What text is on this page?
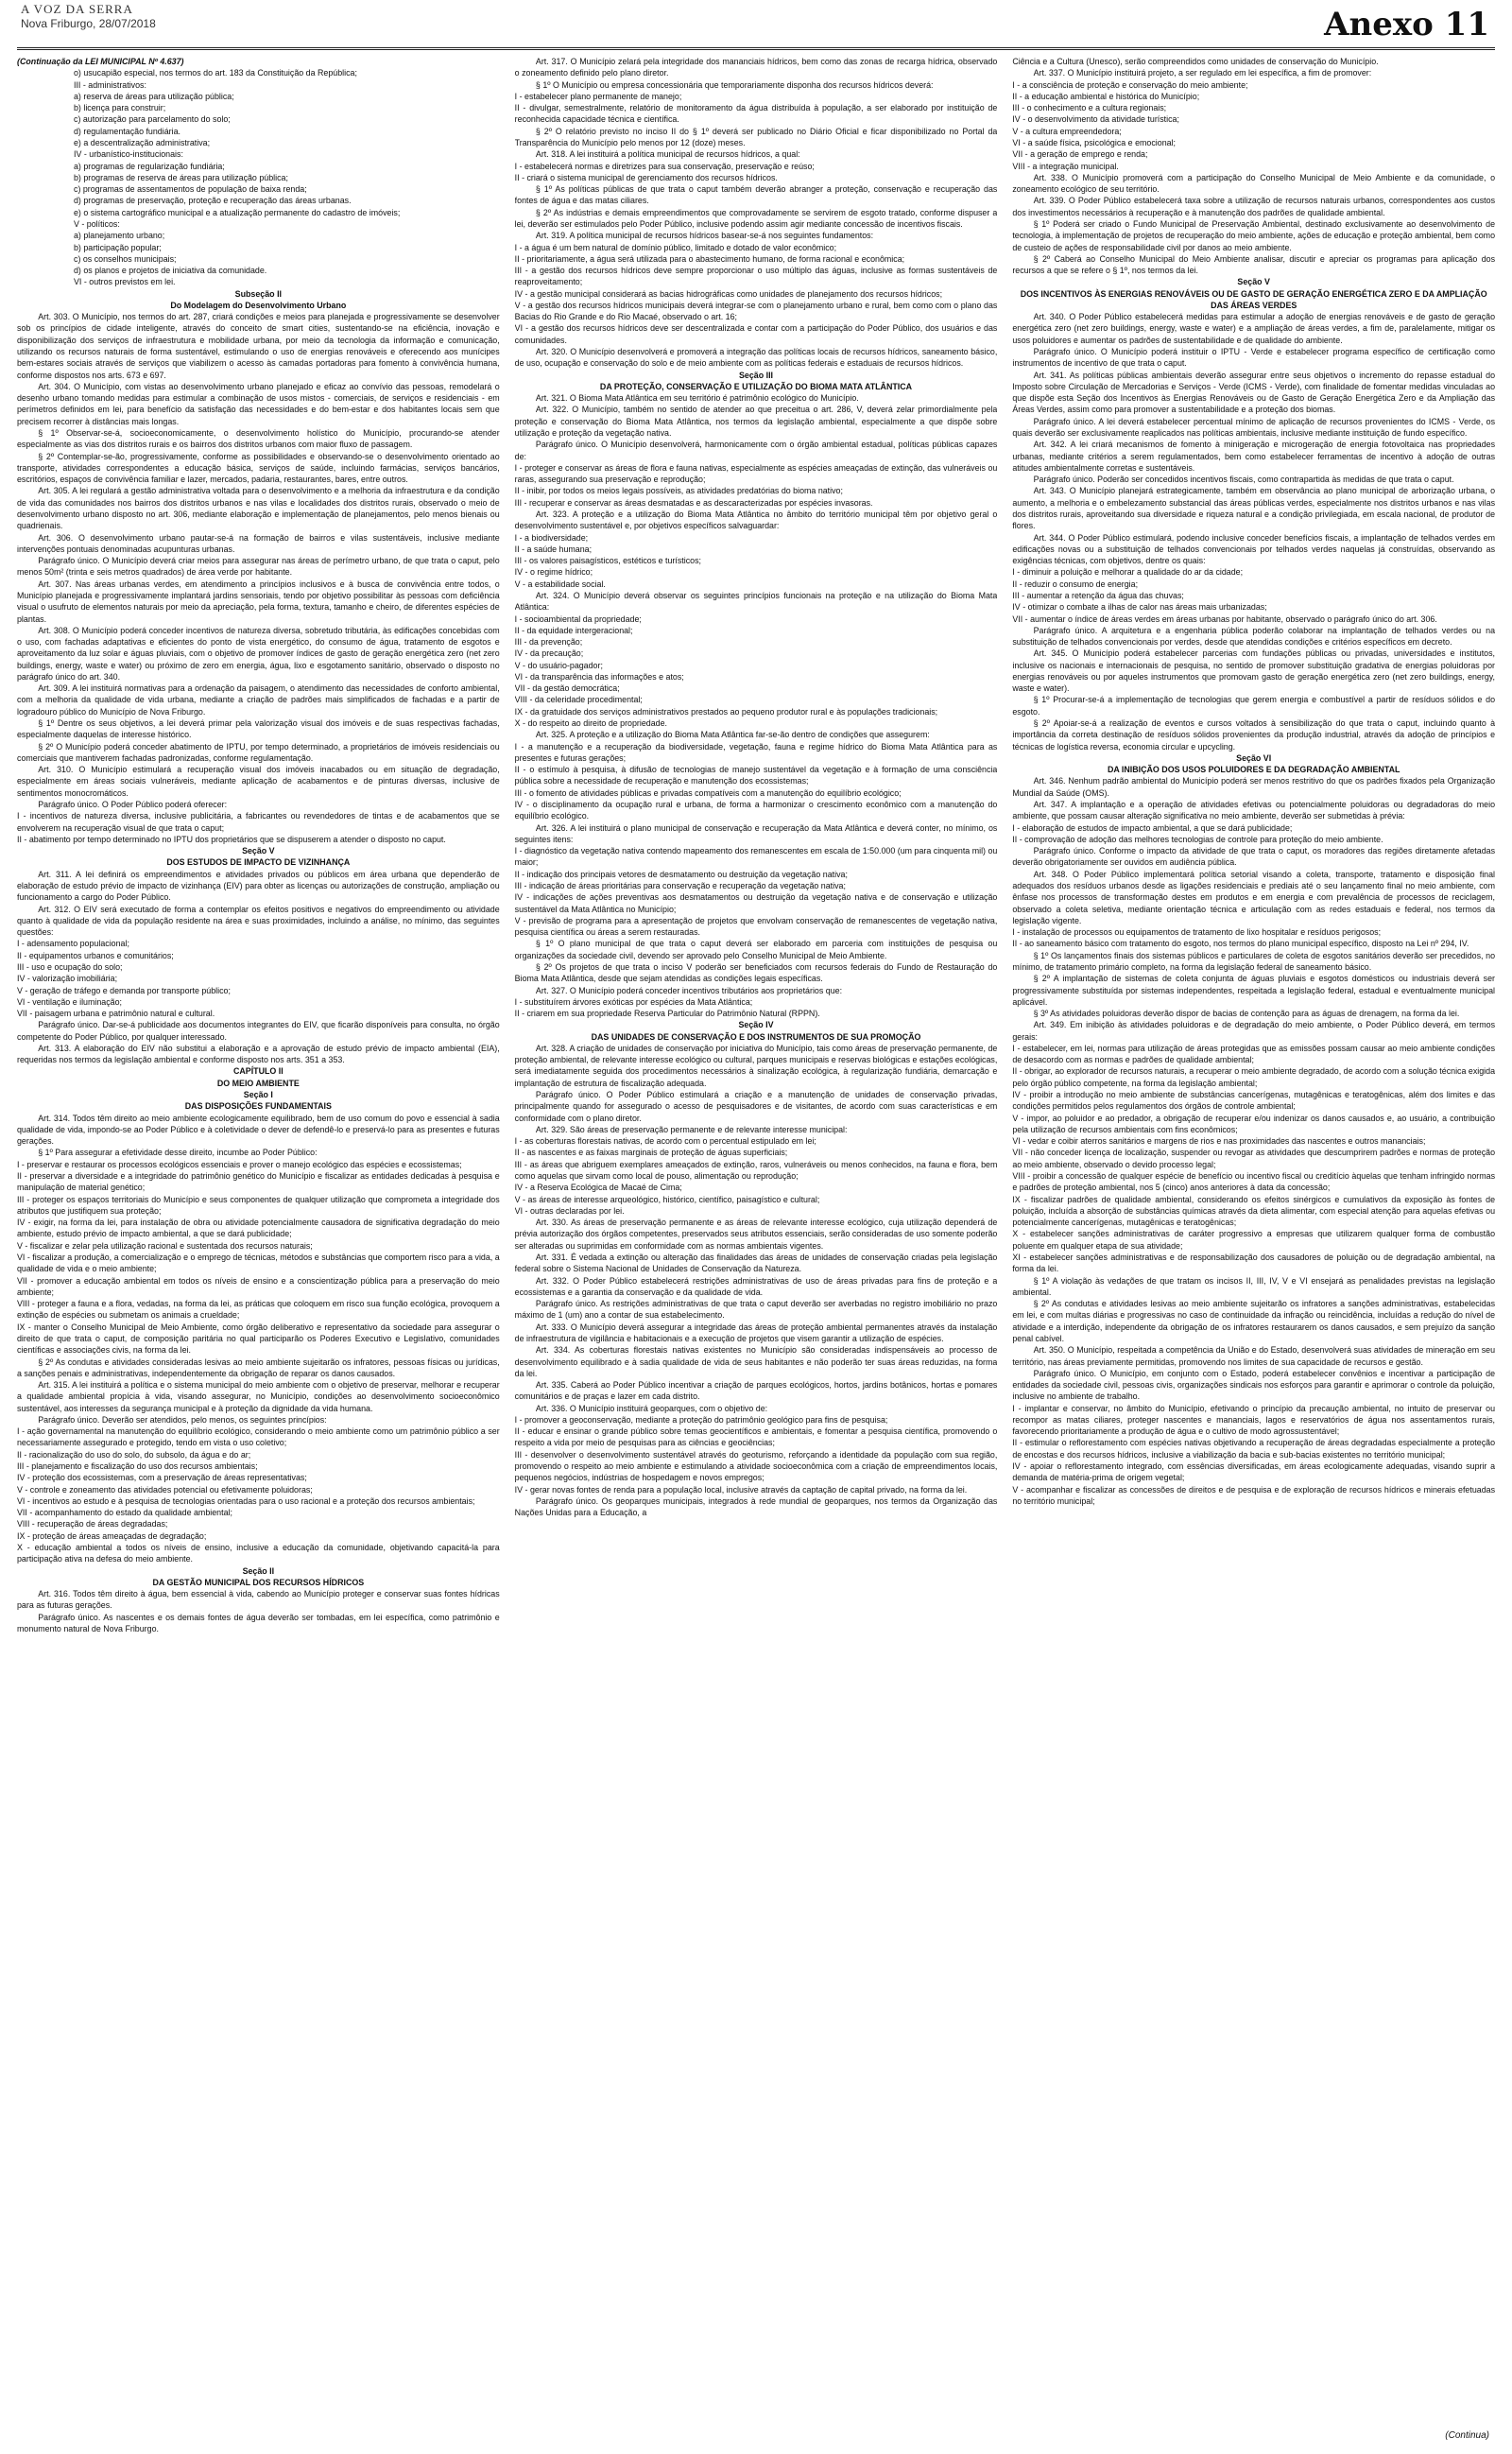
A VOZ DA SERRA
Nova Friburgo, 28/07/2018	Anexo 11

(Continuação da LEI MUNICIPAL Nº 4.637)

o) usucapião especial, nos termos do art. 183 da Constituição da República;

III - administrativos:

a) reserva de áreas para utilização pública;

b) licença para construir;

c) autorização para parcelamento do solo;

d) regulamentação fundiária.

e) a descentralização administrativa;

IV - urbanístico-institucionais:

a) programas de regularização fundiária;

b) programas de reserva de áreas para utilização pública;

c) programas de assentamentos de população de baixa renda;

d) programas de preservação, proteção e recuperação das áreas urbanas.

e) o sistema cartográfico municipal e a atualização permanente do cadastro de imóveis;

V - políticos:

a) planejamento urbano;

b) participação popular;

c) os conselhos municipais;

d) os planos e projetos de iniciativa da comunidade.

VI - outros previstos em lei.

Subseção II

Do Modelagem do Desenvolvimento Urbano

Art. 303. O Município, nos termos do art. 287, criará condições e meios para planejada e progressivamente se desenvolver sob os princípios de cidade inteligente, através do conceito de smart cities, sustentando-se na eficiência, inovação e disponibilização dos serviços de infraestrutura e mobilidade urbana, por meio da tecnologia da informação e comunicação, utilizando os recursos naturais de forma sustentável, estimulando o uso de energias renováveis e oferecendo aos munícipes bem-estares sociais através de serviços que viabilizem o acesso às camadas portadoras para fomento à convivência humana, conforme dispostos nos arts. 673 e 697.

Art. 304. O Município, com vistas ao desenvolvimento urbano planejado e eficaz ao convívio das pessoas, remodelará o desenho urbano tomando medidas para estimular a combinação de usos mistos - comerciais, de serviços e residenciais - em perímetros definidos em lei, para benefício da satisfação das necessidades e do bem-estar e dos habitantes locais sem que precisem recorrer à distâncias mais longas.

§ 1º Observar-se-á, socioeconomicamente, o desenvolvimento holístico do Município, procurando-se atender especialmente as vias dos distritos rurais e os bairros dos distritos urbanos com maior fluxo de passagem.

§ 2º Contemplar-se-ão, progressivamente, conforme as possibilidades e observando-se o desenvolvimento orientado ao transporte, atividades correspondentes a educação básica, serviços de saúde, incluindo farmácias, serviços bancários, escritórios, espaços de convivência familiar e lazer, mercados, padaria, restaurantes, bares, entre outros.

Art. 305. A lei regulará a gestão administrativa voltada para o desenvolvimento e a melhoria da infraestrutura e da condição de vida das comunidades nos bairros dos distritos urbanos e nas vilas e localidades dos distritos rurais, observado o meio de desenvolvimento urbano disposto no art. 306, mediante elaboração e implementação de planejamentos, pelo menos bienais ou quadrienais.

Art. 306. O desenvolvimento urbano pautar-se-á na formação de bairros e vilas sustentáveis, inclusive mediante intervenções pontuais denominadas acupunturas urbanas.

Parágrafo único. O Município deverá criar meios para assegurar nas áreas de perímetro urbano, de que trata o caput, pelo menos 50m² (trinta e seis metros quadrados) de área verde por habitante.

Art. 307. Nas áreas urbanas verdes, em atendimento a princípios inclusivos e à busca de convivência entre todos, o Município planejada e progressivamente implantará jardins sensoriais, tendo por objetivo possibilitar às pessoas com deficiência visual o usufruto de elementos naturais por meio da apreciação, pela forma, textura, tamanho e cheiro, de diferentes espécies de plantas.

Art. 308. O Município poderá conceder incentivos de natureza diversa, sobretudo tributária, às edificações concebidas com o uso, com fachadas adaptativas e eficientes do ponto de vista energético, do consumo de água, tratamento de esgotos e aproveitamento da luz solar e águas pluviais, com o objetivo de promover índices de gasto de geração energética zero (net zero buildings, energy, waste e water) ou próximo de zero em energia, água, lixo e esgotamento sanitário, observado o disposto no parágrafo único do art. 340.

Art. 309. A lei instituirá normativas para a ordenação da paisagem, o atendimento das necessidades de conforto ambiental, com a melhoria da qualidade de vida urbana, mediante a criação de padrões mais simplificados de fachadas e a partir de logradouro público do Município de Nova Friburgo.

§ 1º Dentre os seus objetivos, a lei deverá primar pela valorização visual dos imóveis e de suas respectivas fachadas, especialmente daquelas de interesse histórico.

§ 2º O Município poderá conceder abatimento de IPTU, por tempo determinado, a proprietários de imóveis residenciais ou comerciais que mantiverem fachadas padronizadas, conforme regulamentação.

Art. 310. O Município estimulará a recuperação visual dos imóveis inacabados ou em situação de degradação, especialmente em áreas sociais vulneráveis, mediante aplicação de acabamentos e de pinturas diversas, inclusive de sentimentos monocromáticos.

Parágrafo único. O Poder Público poderá oferecer:

I - incentivos de natureza diversa, inclusive publicitária, a fabricantes ou revendedores de tintas e de acabamentos que se envolverem na recuperação visual de que trata o caput;

II - abatimento por tempo determinado no IPTU dos proprietários que se dispuserem a atender o disposto no caput.

Seção V

DOS ESTUDOS DE IMPACTO DE VIZINHANÇA

Art. 311. A lei definirá os empreendimentos e atividades privados ou públicos em área urbana que dependerão de elaboração de estudo prévio de impacto de vizinhança (EIV) para obter as licenças ou autorizações de construção, ampliação ou funcionamento a cargo do Poder Público.

Art. 312. O EIV será executado de forma a contemplar os efeitos positivos e negativos do empreendimento ou atividade quanto à qualidade de vida da população residente na área e suas proximidades, incluindo a análise, no mínimo, das seguintes questões:

I - adensamento populacional;

II - equipamentos urbanos e comunitários;

III - uso e ocupação do solo;

IV - valorização imobiliária;

V - geração de tráfego e demanda por transporte público;

VI - ventilação e iluminação;

VII - paisagem urbana e patrimônio natural e cultural.

Parágrafo único. Dar-se-á publicidade aos documentos integrantes do EIV, que ficarão disponíveis para consulta, no órgão competente do Poder Público, por qualquer interessado.

Art. 313. A elaboração do EIV não substitui a elaboração e a aprovação de estudo prévio de impacto ambiental (EIA), requeridas nos termos da legislação ambiental e conforme disposto nos arts. 351 a 353.

CAPÍTULO II

DO MEIO AMBIENTE

Seção I

DAS DISPOSIÇÕES FUNDAMENTAIS

Art. 314. Todos têm direito ao meio ambiente ecologicamente equilibrado, bem de uso comum do povo e essencial à sadia qualidade de vida, impondo-se ao Poder Público e à coletividade o dever de defendê-lo e preservá-lo para as presentes e futuras gerações.

§ 1º Para assegurar a efetividade desse direito, incumbe ao Poder Público:

I - preservar e restaurar os processos ecológicos essenciais e prover o manejo ecológico das espécies e ecossistemas;

II - preservar a diversidade e a integridade do patrimônio genético do Município e fiscalizar as entidades dedicadas à pesquisa e manipulação de material genético;

III - proteger os espaços territoriais do Município e seus componentes de qualquer utilização que comprometa a integridade dos atributos que justifiquem sua proteção;

IV - exigir, na forma da lei, para instalação de obra ou atividade potencialmente causadora de significativa degradação do meio ambiente, estudo prévio de impacto ambiental, a que se dará publicidade;

V - fiscalizar e zelar pela utilização racional e sustentada dos recursos naturais;

VI - fiscalizar a produção, a comercialização e o emprego de técnicas, métodos e substâncias que comportem risco para a vida, a qualidade de vida e o meio ambiente;

VII - promover a educação ambiental em todos os níveis de ensino e a conscientização pública para a preservação do meio ambiente;

VIII - proteger a fauna e a flora, vedadas, na forma da lei, as práticas que coloquem em risco sua função ecológica, provoquem a extinção de espécies ou submetam os animais a crueldade;

IX - manter o Conselho Municipal de Meio Ambiente, como órgão deliberativo e representativo da sociedade para assegurar o direito de que trata o caput, de composição paritária no qual participarão os Poderes Executivo e Legislativo, comunidades científicas e associações civis, na forma da lei.

§ 2º As condutas e atividades consideradas lesivas ao meio ambiente sujeitarão os infratores, pessoas físicas ou jurídicas, a sanções penais e administrativas, independentemente da obrigação de reparar os danos causados.

Art. 315. A lei instituirá a política e o sistema municipal do meio ambiente com o objetivo de preservar, melhorar e recuperar a qualidade ambiental propícia à vida, visando assegurar, no Município, condições ao desenvolvimento socioeconômico sustentável, aos interesses da segurança municipal e à proteção da dignidade da vida humana.

Parágrafo único. Deverão ser atendidos, pelo menos, os seguintes princípios:

I - ação governamental na manutenção do equilíbrio ecológico, considerando o meio ambiente como um patrimônio público a ser necessariamente assegurado e protegido, tendo em vista o uso coletivo;

II - racionalização do uso do solo, do subsolo, da água e do ar;

III - planejamento e fiscalização do uso dos recursos ambientais;

IV - proteção dos ecossistemas, com a preservação de áreas representativas;

V - controle e zoneamento das atividades potencial ou efetivamente poluidoras;

VI - incentivos ao estudo e à pesquisa de tecnologias orientadas para o uso racional e a proteção dos recursos ambientais;

VII - acompanhamento do estado da qualidade ambiental;

VIII - recuperação de áreas degradadas;

IX - proteção de áreas ameaçadas de degradação;

X - educação ambiental a todos os níveis de ensino, inclusive a educação da comunidade, objetivando capacitá-la para participação ativa na defesa do meio ambiente.

Seção II

DA GESTÃO MUNICIPAL DOS RECURSOS HÍDRICOS

Art. 316. Todos têm direito à água, bem essencial à vida, cabendo ao Município proteger e conservar suas fontes hídricas para as futuras gerações.

Parágrafo único. As nascentes e os demais fontes de água deverão ser tombadas, em lei específica, como patrimônio e monumento natural de Nova Friburgo.

Art. 317. O Município zelará pela integridade dos mananciais hídricos, bem como das zonas de recarga hídrica, observado o zoneamento definido pelo plano diretor.

§ 1º O Município ou empresa concessionária que temporariamente disponha dos recursos hídricos deverá:

I - estabelecer plano permanente de manejo;

II - divulgar, semestralmente, relatório de monitoramento da água distribuída à população, a ser elaborado por instituição de reconhecida capacidade técnica e científica.

§ 2º O relatório previsto no inciso II do § 1º deverá ser publicado no Diário Oficial e ficar disponibilizado no Portal da Transparência do Município pelo menos por 12 (doze) meses.

Art. 318. A lei instituirá a política municipal de recursos hídricos, a qual:

I - estabelecerá normas e diretrizes para sua conservação, preservação e reúso;

II - criará o sistema municipal de gerenciamento dos recursos hídricos.

§ 1º As políticas públicas de que trata o caput também deverão abranger a proteção, conservação e recuperação das fontes de água e das matas ciliares.

§ 2º As indústrias e demais empreendimentos que comprovadamente se servirem de esgoto tratado, conforme dispuser a lei, deverão ser estimulados pelo Poder Público, inclusive podendo assim agir mediante concessão de incentivos fiscais.

Art. 319. A política municipal de recursos hídricos basear-se-á nos seguintes fundamentos:

I - a água é um bem natural de domínio público, limitado e dotado de valor econômico;

II - prioritariamente, a água será utilizada para o abastecimento humano, de forma racional e econômica;

III - a gestão dos recursos hídricos deve sempre proporcionar o uso múltiplo das águas, inclusive as formas sustentáveis de reaproveitamento;

IV - a gestão municipal considerará as bacias hidrográficas como unidades de planejamento dos recursos hídricos;

V - a gestão dos recursos hídricos municipais deverá integrar-se com o planejamento urbano e rural, bem como com o plano das Bacias do Rio Grande e do Rio Macaé, observado o art. 16;

VI - a gestão dos recursos hídricos deve ser descentralizada e contar com a participação do Poder Público, dos usuários e das comunidades.

Art. 320. O Município desenvolverá e promoverá a integração das políticas locais de recursos hídricos, saneamento básico, de uso, ocupação e conservação do solo e de meio ambiente com as políticas federais e estaduais de recursos hídricos.

Seção III

DA PROTEÇÃO, CONSERVAÇÃO E UTILIZAÇÃO DO BIOMA MATA ATLÂNTICA

Art. 321. O Bioma Mata Atlântica em seu território é patrimônio ecológico do Município.

Art. 322. O Município, também no sentido de atender ao que preceitua o art. 286, V, deverá zelar primordialmente pela proteção e conservação do Bioma Mata Atlântica, nos termos da legislação ambiental, especialmente a que dispõe sobre utilização e proteção da vegetação nativa.

Parágrafo único. O Município desenvolverá, harmonicamente com o órgão ambiental estadual, políticas públicas capazes de:

I - proteger e conservar as áreas de flora e fauna nativas, especialmente as espécies ameaçadas de extinção, das vulneráveis ou raras, assegurando sua preservação e reprodução;

II - inibir, por todos os meios legais possíveis, as atividades predatórias do bioma nativo;

III - recuperar e conservar as áreas desmatadas e as descaracterizadas por espécies invasoras.

Art. 323. A proteção e a utilização do Bioma Mata Atlântica no âmbito do território municipal têm por objetivo geral o desenvolvimento sustentável e, por objetivos específicos salvaguardar:

I - a biodiversidade;

II - a saúde humana;

III - os valores paisagísticos, estéticos e turísticos;

IV - o regime hídrico;

V - a estabilidade social.

Art. 324. O Município deverá observar os seguintes princípios funcionais na proteção e na utilização do Bioma Mata Atlântica:

I - socioambiental da propriedade;

II - da equidade intergeracional;

III - da prevenção;

IV - da precaução;

V - do usuário-pagador;

VI - da transparência das informações e atos;

VII - da gestão democrática;

VIII - da celeridade procedimental;

IX - da gratuidade dos serviços administrativos prestados ao pequeno produtor rural e às populações tradicionais;

X - do respeito ao direito de propriedade.

Art. 325. A proteção e a utilização do Bioma Mata Atlântica far-se-ão dentro de condições que assegurem:

I - a manutenção e a recuperação da biodiversidade, vegetação, fauna e regime hídrico do Bioma Mata Atlântica para as presentes e futuras gerações;

II - o estímulo à pesquisa, à difusão de tecnologias de manejo sustentável da vegetação e à formação de uma consciência pública sobre a necessidade de recuperação e manutenção dos ecossistemas;

III - o fomento de atividades públicas e privadas compatíveis com a manutenção do equilíbrio ecológico;

IV - o disciplinamento da ocupação rural e urbana, de forma a harmonizar o crescimento econômico com a manutenção do equilíbrio ecológico.

Art. 326. A lei instituirá o plano municipal de conservação e recuperação da Mata Atlântica e deverá conter, no mínimo, os seguintes itens:

I - diagnóstico da vegetação nativa contendo mapeamento dos remanescentes em escala de 1:50.000 (um para cinquenta mil) ou maior;

II - indicação dos principais vetores de desmatamento ou destruição da vegetação nativa;

III - indicação de áreas prioritárias para conservação e recuperação da vegetação nativa;

IV - indicações de ações preventivas aos desmatamentos ou destruição da vegetação nativa e de conservação e utilização sustentável da Mata Atlântica no Município;

V - previsão de programa para a apresentação de projetos que envolvam conservação de remanescentes de vegetação nativa, pesquisa científica ou áreas a serem restauradas.

§ 1º O plano municipal de que trata o caput deverá ser elaborado em parceria com instituições de pesquisa ou organizações da sociedade civil, devendo ser aprovado pelo Conselho Municipal de Meio Ambiente.

§ 2º Os projetos de que trata o inciso V poderão ser beneficiados com recursos federais do Fundo de Restauração do Bioma Mata Atlântica, desde que sejam atendidas as condições legais específicas.

Art. 327. O Município poderá conceder incentivos tributários aos proprietários que:

I - substituírem árvores exóticas por espécies da Mata Atlântica;

II - criarem em sua propriedade Reserva Particular do Patrimônio Natural (RPPN).

Seção IV

DAS UNIDADES DE CONSERVAÇÃO E DOS INSTRUMENTOS DE SUA PROMOÇÃO

Art. 328. A criação de unidades de conservação por iniciativa do Município, tais como áreas de preservação permanente, de proteção ambiental, de relevante interesse ecológico ou cultural, parques municipais e reservas biológicas e estações ecológicas, será imediatamente seguida dos procedimentos necessários à sinalização ecológica, à regularização fundiária, demarcação e implantação de estrutura de fiscalização adequada.

Parágrafo único. O Poder Público estimulará a criação e a manutenção de unidades de conservação privadas, principalmente quando for assegurado o acesso de pesquisadores e de visitantes, de acordo com suas características e em conformidade com o plano diretor.

Art. 329. São áreas de preservação permanente e de relevante interesse municipal:

I - as coberturas florestais nativas, de acordo com o percentual estipulado em lei;

II - as nascentes e as faixas marginais de proteção de águas superficiais;

III - as áreas que abriguem exemplares ameaçados de extinção, raros, vulneráveis ou menos conhecidos, na fauna e flora, bem como aquelas que sirvam como local de pouso, alimentação ou reprodução;

IV - a Reserva Ecológica de Macaé de Cima;

V - as áreas de interesse arqueológico, histórico, científico, paisagístico e cultural;

VI - outras declaradas por lei.

Art. 330. As áreas de preservação permanente e as áreas de relevante interesse ecológico, cuja utilização dependerá de prévia autorização dos órgãos competentes, preservados seus atributos essenciais, serão consideradas de uso somente poderão ser alteradas ou suprimidas em conformidade com as normas ambientais vigentes.

Art. 331. É vedada a extinção ou alteração das finalidades das áreas de unidades de conservação criadas pela legislação federal sobre o Sistema Nacional de Unidades de Conservação da Natureza.

Art. 332. O Poder Público estabelecerá restrições administrativas de uso de áreas privadas para fins de proteção e a ecossistemas e a garantia da conservação e da qualidade de vida.

Parágrafo único. As restrições administrativas de que trata o caput deverão ser averbadas no registro imobiliário no prazo máximo de 1 (um) ano a contar de sua estabelecimento.

Art. 333. O Município deverá assegurar a integridade das áreas de proteção ambiental permanentes através da instalação de infraestrutura de vigilância e habitacionais e a execução de projetos que visem garantir a utilização de espécies.

Art. 334. As coberturas florestais nativas existentes no Município são consideradas indispensáveis ao processo de desenvolvimento equilibrado e à sadia qualidade de vida de seus habitantes e não poderão ter suas áreas reduzidas, na forma da lei.

Art. 335. Caberá ao Poder Público incentivar a criação de parques ecológicos, hortos, jardins botânicos, hortas e pomares comunitários e de praças e lazer em cada distrito.

Art. 336. O Município instituirá geoparques, com o objetivo de:

I - promover a geoconservação, mediante a proteção do patrimônio geológico para fins de pesquisa;

II - educar e ensinar o grande público sobre temas geocientíficos e ambientais, e fomentar a pesquisa científica, promovendo o respeito a vida por meio de pesquisas para as ciências e geociências;

III - desenvolver o desenvolvimento sustentável através do geoturismo, reforçando a identidade da população com sua região, promovendo o respeito ao meio ambiente e estimulando a atividade socioeconômica com a criação de empreendimentos locais, pequenos negócios, indústrias de hospedagem e novos empregos;

IV - gerar novas fontes de renda para a população local, inclusive através da captação de capital privado, na forma da lei.

Parágrafo único. Os geoparques municipais, integrados à rede mundial de geoparques, nos termos da Organização das Nações Unidas para a Educação, a

Ciência e a Cultura (Unesco), serão compreendidos como unidades de conservação do Município.

Art. 337. O Município instituirá projeto, a ser regulado em lei específica, a fim de promover:

I - a consciência de proteção e conservação do meio ambiente;

II - a educação ambiental e histórica do Município;

III - o conhecimento e a cultura regionais;

IV - o desenvolvimento da atividade turística;

V - a cultura empreendedora;

VI - a saúde física, psicológica e emocional;

VII - a geração de emprego e renda;

VIII - a integração municipal.

Art. 338. O Município promoverá com a participação do Conselho Municipal de Meio Ambiente e da comunidade, o zoneamento ecológico de seu território.

Art. 339. O Poder Público estabelecerá taxa sobre a utilização de recursos naturais urbanos, correspondentes aos custos dos investimentos necessários à recuperação e à manutenção dos padrões de qualidade ambiental.

§ 1º Poderá ser criado o Fundo Municipal de Preservação Ambiental, destinado exclusivamente ao desenvolvimento de tecnologia, à implementação de projetos de recuperação do meio ambiente, ações de educação e proteção ambiental, bem como de custeio de ações de responsabilidade civil por danos ao meio ambiente.

§ 2º Caberá ao Conselho Municipal do Meio Ambiente analisar, discutir e apreciar os programas para aplicação dos recursos a que se refere o § 1º, nos termos da lei.

Seção V

DOS INCENTIVOS ÀS ENERGIAS RENOVÁVEIS OU DE GASTO DE GERAÇÃO ENERGÉTICA ZERO E DA AMPLIAÇÃO DAS ÁREAS VERDES

Art. 340. O Poder Público estabelecerá medidas para estimular a adoção de energias renováveis e de gasto de geração energética zero (net zero buildings, energy, waste e water) e a ampliação de áreas verdes, a fim de, paralelamente, mitigar os usos poluidores e aumentar os padrões de sustentabilidade e de qualidade do ambiente.

Parágrafo único. O Município poderá instituir o IPTU - Verde e estabelecer programa específico de certificação como instrumentos de incentivo de que trata o caput.

Art. 341. As políticas públicas ambientais deverão assegurar entre seus objetivos o incremento do repasse estadual do Imposto sobre Circulação de Mercadorias e Serviços - Verde (ICMS - Verde), com finalidade de fomentar medidas vinculadas ao que dispõe esta Seção dos Incentivos às Energias Renováveis ou de Gasto de Geração Energética Zero e da Ampliação das Áreas Verdes, assim como para promover a sustentabilidade e a proteção dos biomas.

Parágrafo único. A lei deverá estabelecer percentual mínimo de aplicação de recursos provenientes do ICMS - Verde, os quais deverão ser exclusivamente reaplicados nas políticas ambientais, inclusive mediante instituição de fundo específico.

Art. 342. A lei criará mecanismos de fomento à minigeração e microgeração de energia fotovoltaica nas propriedades urbanas, mediante critérios a serem regulamentados, bem como estabelecer ferramentas de incentivo à adoção de outras atitudes ambientalmente corretas e sustentáveis.

Parágrafo único. Poderão ser concedidos incentivos fiscais, como contrapartida às medidas de que trata o caput.

Art. 343. O Município planejará estrategicamente, também em observância ao plano municipal de arborização urbana, o aumento, a melhoria e o embelezamento substancial das áreas públicas verdes, especialmente nos distritos urbanos e nas vilas dos distritos rurais, aproveitando sua diversidade e riqueza natural e a condição privilegiada, em escala nacional, de produtor de flores.

Art. 344. O Poder Público estimulará, podendo inclusive conceder benefícios fiscais, a implantação de telhados verdes em edificações novas ou a substituição de telhados convencionais por telhados verdes naquelas já construídas, observando as exigências técnicas, com objetivos, dentre os quais:

I - diminuir a poluição e melhorar a qualidade do ar da cidade;

II - reduzir o consumo de energia;

III - aumentar a retenção da água das chuvas;

IV - otimizar o combate a ilhas de calor nas áreas mais urbanizadas;

VII - aumentar o índice de áreas verdes em áreas urbanas por habitante, observado o parágrafo único do art. 306.

Parágrafo único. A arquitetura e a engenharia pública poderão colaborar na implantação de telhados verdes ou na substituição de telhados convencionais por verdes, desde que atendidas condições e critérios específicos em decreto.

Art. 345. O Município poderá estabelecer parcerias com fundações públicas ou privadas, universidades e institutos, inclusive os nacionais e internacionais de pesquisa, no sentido de promover substituição gradativa de energias poluidoras por energias renováveis ou por aqueles instrumentos que promovam gasto de geração energética zero (net zero buildings, energy, waste e water).

§ 1º Procurar-se-á a implementação de tecnologias que gerem energia e combustível a partir de resíduos sólidos e do esgoto.

§ 2º Apoiar-se-á a realização de eventos e cursos voltados à sensibilização do que trata o caput, incluindo quanto à importância da correta destinação de resíduos sólidos provenientes da produção industrial, através da adoção de princípios e técnicas de logística reversa, economia circular e upcycling.

Seção VI

DA INIBIÇÃO DOS USOS POLUIDORES E DA DEGRADAÇÃO AMBIENTAL

Art. 346. Nenhum padrão ambiental do Município poderá ser menos restritivo do que os padrões fixados pela Organização Mundial da Saúde (OMS).

Art. 347. A implantação e a operação de atividades efetivas ou potencialmente poluidoras ou degradadoras do meio ambiente, que possam causar alteração significativa no meio ambiente, deverão ser submetidas à prévia:

I - elaboração de estudos de impacto ambiental, a que se dará publicidade;

II - comprovação de adoção das melhores tecnologias de controle para proteção do meio ambiente.

Parágrafo único. Conforme o impacto da atividade de que trata o caput, os moradores das regiões diretamente afetadas deverão obrigatoriamente ser ouvidos em audiência pública.

Art. 348. O Poder Público implementará política setorial visando a coleta, transporte, tratamento e disposição final adequados dos resíduos urbanos desde as ligações residenciais e prediais até o seu lançamento final no meio ambiente, com ênfase nos processos de transformação destes em produtos e em energia e com prevalência de processos de reciclagem, observado a coleta seletiva, mediante orientação técnica e articulação com as redes estaduais e federal, nos termos da legislação vigente.

I - instalação de processos ou equipamentos de tratamento de lixo hospitalar e resíduos perigosos;

II - ao saneamento básico com tratamento do esgoto, nos termos do plano municipal específico, disposto na Lei nº 294, IV.

§ 1º Os lançamentos finais dos sistemas públicos e particulares de coleta de esgotos sanitários deverão ser precedidos, no mínimo, de tratamento primário completo, na forma da legislação federal de saneamento básico.

§ 2º A implantação de sistemas de coleta conjunta de águas pluviais e esgotos domésticos ou industriais deverá ser progressivamente substituída por sistemas independentes, respeitada a legislação federal, estadual e eventualmente municipal aplicável.

§ 3º As atividades poluidoras deverão dispor de bacias de contenção para as águas de drenagem, na forma da lei.

Art. 349. Em inibição às atividades poluidoras e de degradação do meio ambiente, o Poder Público deverá, em termos gerais:

I - estabelecer, em lei, normas para utilização de áreas protegidas que as emissões possam causar ao meio ambiente condições de desacordo com as normas e padrões de qualidade ambiental;

II - obrigar, ao explorador de recursos naturais, a recuperar o meio ambiente degradado, de acordo com a solução técnica exigida pelo órgão público competente, na forma da legislação ambiental;

IV - proibir a introdução no meio ambiente de substâncias cancerígenas, mutagênicas e teratogênicas, além dos limites e das condições permitidos pelos regulamentos dos órgãos de controle ambiental;

V - impor, ao poluidor e ao predador, a obrigação de recuperar e/ou indenizar os danos causados e, ao usuário, a contribuição pela utilização de recursos ambientais com fins econômicos;

VI - vedar e coibir aterros sanitários e margens de rios e nas proximidades das nascentes e outros mananciais;

VII - não conceder licença de localização, suspender ou revogar as atividades que descumprirem padrões e normas de proteção ao meio ambiente, observado o devido processo legal;

VIII - proibir a concessão de qualquer espécie de benefício ou incentivo fiscal ou creditício àquelas que tenham infringido normas e padrões de proteção ambiental, nos 5 (cinco) anos anteriores à data da concessão;

IX - fiscalizar padrões de qualidade ambiental, considerando os efeitos sinérgicos e cumulativos da exposição às fontes de poluição, incluída a absorção de substâncias químicas através da dieta alimentar, com especial atenção para aquelas efetivas ou potencialmente cancerígenas, mutagênicas e teratogênicas;

X - estabelecer sanções administrativas de caráter progressivo a empresas que utilizarem qualquer forma de combustão poluente em qualquer etapa de sua atividade;

XI - estabelecer sanções administrativas e de responsabilização dos causadores de poluição ou de degradação ambiental, na forma da lei.

§ 1º A violação às vedações de que tratam os incisos II, III, IV, V e VI ensejará as penalidades previstas na legislação ambiental.

§ 2º As condutas e atividades lesivas ao meio ambiente sujeitarão os infratores a sanções administrativas, estabelecidas em lei, e com multas diárias e progressivas no caso de continuidade da infração ou reincidência, incluídas a redução do nível de atividade e a interdição, independente da obrigação de os infratores restaurarem os danos causados, e sem prejuízo da sanção penal cabível.

Art. 350. O Município, respeitada a competência da União e do Estado, desenvolverá suas atividades de mineração em seu território, nas áreas previamente permitidas, promovendo nos limites de sua capacidade de recursos e gestão.

Parágrafo único. O Município, em conjunto com o Estado, poderá estabelecer convênios e incentivar a participação de entidades da sociedade civil, pessoas civis, organizações sindicais nos esforços para garantir e aprimorar o controle da poluição, inclusive no ambiente de trabalho.

I - implantar e conservar, no âmbito do Município, efetivando o princípio da precaução ambiental, no intuito de preservar ou recompor as matas ciliares, proteger nascentes e mananciais, lagos e reservatórios de água nos assentamentos rurais, favorecendo prioritariamente a produção de água e o cultivo de modo agrossustentável;

II - estimular o reflorestamento com espécies nativas objetivando a recuperação de áreas degradadas especialmente a proteção de encostas e dos recursos hídricos, inclusive a viabilização da bacia e sub-bacias existentes no território municipal;

IV - apoiar o reflorestamento integrado, com essências diversificadas, em áreas ecologicamente adequadas, visando suprir a demanda de matéria-prima de origem vegetal;

V - acompanhar e fiscalizar as concessões de direitos e de pesquisa e de exploração de recursos hídricos e minerais efetuadas no território municipal;

(Continua)
